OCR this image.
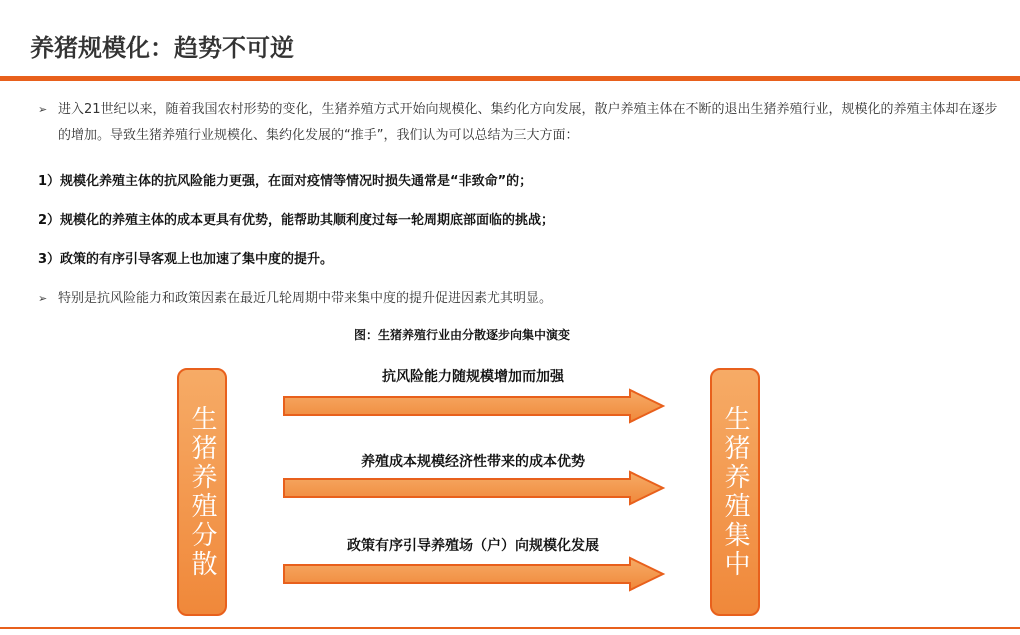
养猪规模化：趋势不可逆
➢ 进入21世纪以来，随着我国农村形势的变化，生猪养殖方式开始向规模化、集约化方向发展，散户养殖主体在不断的退出生猪养殖行业，规模化的养殖主体却在逐步的增加。导致生猪养殖行业规模化、集约化发展的“推手”，我们认为可以总结为三大方面：
1）规模化养殖主体的抗风险能力更强，在面对疫情等情况时损失通常是“非致命”的；
2）规模化的养殖主体的成本更具有优势，能帮助其顺利度过每一轮周期底部面临的挑战；
3）政策的有序引导客观上也加速了集中度的提升。
➢ 特别是抗风险能力和政策因素在最近几轮周期中带来集中度的提升促进因素尤其明显。
图：生猪养殖行业由分散逐步向集中演变
生猪养殖分散	生猪养殖集中
抗风险能力随规模增加而加强
养殖成本规模经济性带来的成本优势
政策有序引导养殖场（户）向规模化发展
